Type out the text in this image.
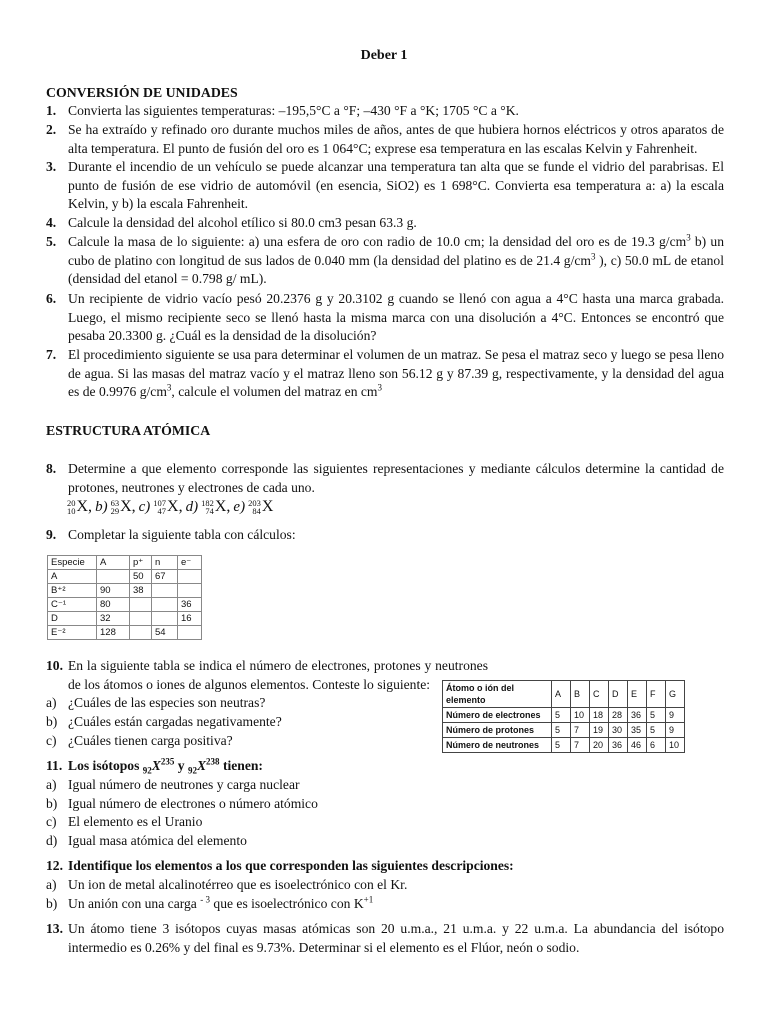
Deber 1
CONVERSIÓN DE UNIDADES
1. Convierta las siguientes temperaturas: –195,5°C a °F; –430 °F a °K; 1705 °C a °K.
2. Se ha extraído y refinado oro durante muchos miles de años, antes de que hubiera hornos eléctricos y otros aparatos de alta temperatura. El punto de fusión del oro es 1 064°C; exprese esa temperatura en las escalas Kelvin y Fahrenheit.
3. Durante el incendio de un vehículo se puede alcanzar una temperatura tan alta que se funde el vidrio del parabrisas. El punto de fusión de ese vidrio de automóvil (en esencia, SiO2) es 1 698°C. Convierta esa temperatura a: a) la escala Kelvin, y b) la escala Fahrenheit.
4. Calcule la densidad del alcohol etílico si 80.0 cm3 pesan 63.3 g.
5. Calcule la masa de lo siguiente: a) una esfera de oro con radio de 10.0 cm; la densidad del oro es de 19.3 $g/cm^3$ b) un cubo de platino con longitud de sus lados de 0.040 mm (la densidad del platino es de 21.4 $g/cm^3$ ), c) 50.0 mL de etanol (densidad del etanol = 0.798 g/ mL).
6. Un recipiente de vidrio vacío pesó 20.2376 g y 20.3102 g cuando se llenó con agua a 4°C hasta una marca grabada. Luego, el mismo recipiente seco se llenó hasta la misma marca con una disolución a 4°C. Entonces se encontró que pesaba 20.3300 g. ¿Cuál es la densidad de la disolución?
7. El procedimiento siguiente se usa para determinar el volumen de un matraz. Se pesa el matraz seco y luego se pesa lleno de agua. Si las masas del matraz vacío y el matraz lleno son 56.12 g y 87.39 g, respectivamente, y la densidad del agua es de 0.9976 $g/cm^3$, calcule el volumen del matraz en $cm^3$
ESTRUCTURA ATÓMICA
8. Determine a que elemento corresponde las siguientes representaciones y mediante cálculos determine la cantidad de protones, neutrones y electrones de cada uno.
20
10 X, b) 63
29 X, c) 107
47 X, d) 182
74 X, e) 203
84 X
9. Completar la siguiente tabla con cálculos:
Especie	A	p⁺	n	e⁻
A		50	67	
B⁺²	90	38		
C⁻¹	80			36
D	32			16
E⁻²	128		54	
10. En la siguiente tabla se indica el número de electrones, protones y neutrones de los átomos o iones de algunos elementos. Conteste lo siguiente:
a) ¿Cuáles de las especies son neutras?
b) ¿Cuáles están cargadas negativamente?
c) ¿Cuáles tienen carga positiva?
Átomo o ión del elemento	A	B	C	D	E	F	G
Número de electrones	5	10	18	28	36	5	9
Número de protones	5	7	19	30	35	5	9
Número de neutrones	5	7	20	36	46	6	10
11. Los isótopos $_{92}X^{235}$ y $_{92}X^{238}$ tienen:
a) Igual número de neutrones y carga nuclear
b) Igual número de electrones o número atómico
c) El elemento es el Uranio
d) Igual masa atómica del elemento
12. Identifique los elementos a los que corresponden las siguientes descripciones:
a) Un ion de metal alcalinotérreo que es isoelectrónico con el Kr.
b) Un anión con una carga $^{- 3}$ que es isoelectrónico con $K^{+1}$
13. Un átomo tiene 3 isótopos cuyas masas atómicas son 20 u.m.a., 21 u.m.a. y 22 u.m.a. La abundancia del isótopo intermedio es 0.26% y del final es 9.73%. Determinar si el elemento es el Flúor, neón o sodio.
